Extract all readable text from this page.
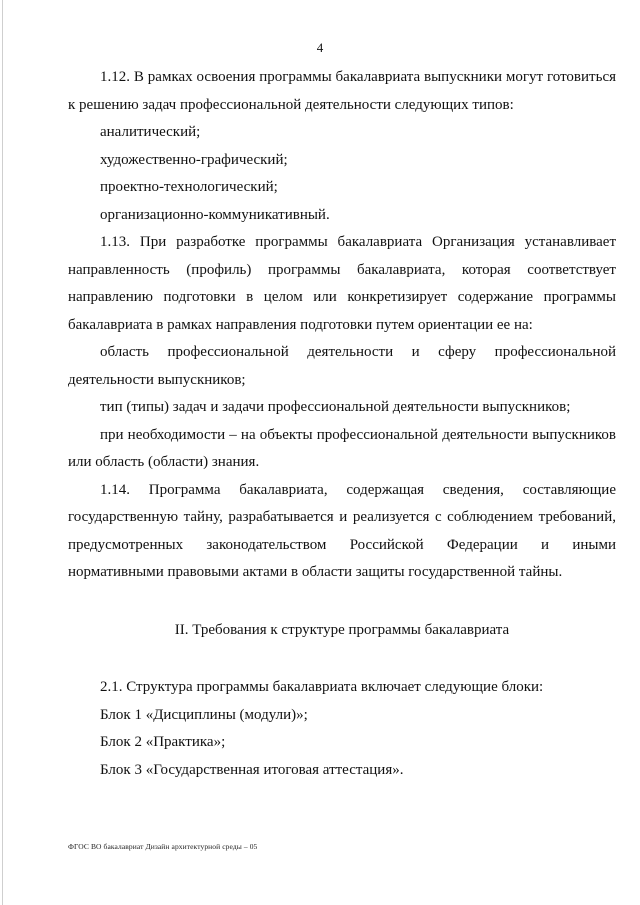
4

1.12. В рамках освоения программы бакалавриата выпускники могут готовиться к решению задач профессиональной деятельности следующих типов:

аналитический;

художественно-графический;

проектно-технологический;

организационно-коммуникативный.

1.13. При разработке программы бакалавриата Организация устанавливает направленность (профиль) программы бакалавриата, которая соответствует направлению подготовки в целом или конкретизирует содержание программы бакалавриата в рамках направления подготовки путем ориентации ее на:

область профессиональной деятельности и сферу профессиональной деятельности выпускников;

тип (типы) задач и задачи профессиональной деятельности выпускников;

при необходимости – на объекты профессиональной деятельности выпускников или область (области) знания.

1.14. Программа бакалавриата, содержащая сведения, составляющие государственную тайну, разрабатывается и реализуется с соблюдением требований, предусмотренных законодательством Российской Федерации и иными нормативными правовыми актами в области защиты государственной тайны.

II. Требования к структуре программы бакалавриата

2.1. Структура программы бакалавриата включает следующие блоки:

Блок 1 «Дисциплины (модули)»;

Блок 2 «Практика»;

Блок 3 «Государственная итоговая аттестация».

ФГОС ВО бакалавриат Дизайн архитектурной среды – 05
